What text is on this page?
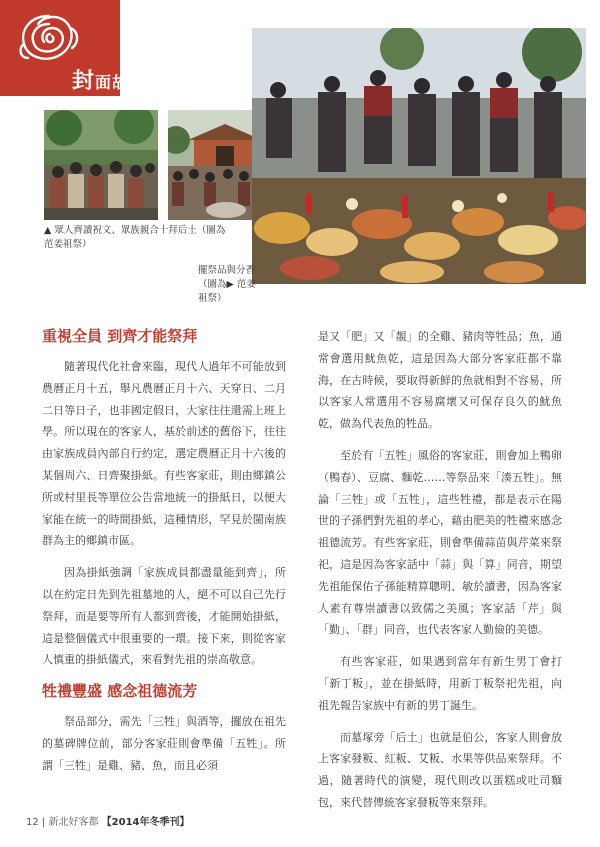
封面故事
▲ 眾人齊讀祝文、眾族親合十拜后土（圖為范姜祖祭）
擺祭品與分香（圖為▶ 范姜祖祭）
重視全員 到齊才能祭拜

隨著現代化社會來臨，現代人過年不可能放到農曆正月十五，舉凡農曆正月十六、天穿日、二月二日等日子，也非國定假日，大家往往還需上班上學。所以現在的客家人，基於前述的舊俗下，往往由家族成員內部自行約定，選定農曆正月十六後的某個周六、日齊聚掛紙。有些客家莊，則由鄉鎮公所或村里長等單位公告當地統一的掛紙日，以便大家能在統一的時間掛紙，這種情形，罕見於閩南族群為主的鄉鎮市區。

因為掛紙強調「家族成員都盡量能到齊」，所以在約定日先到先祖墓地的人，絕不可以自己先行祭拜，而是要等所有人都到齊後，才能開始掛紙，這是整個儀式中很重要的一環。接下來，則從客家人慎重的掛紙儀式，來看對先祖的崇高敬意。

牲禮豐盛 感念祖德流芳

祭品部分，需先「三牲」與酒等，擺放在祖先的墓碑牌位前，部分客家莊則會準備「五牲」。所謂「三牲」是雞、豬、魚，而且必須

是又「肥」又「靚」的全雞、豬肉等牲品；魚，通常會選用魷魚乾，這是因為大部分客家莊都不靠海，在古時候，要取得新鮮的魚就相對不容易，所以客家人常選用不容易腐壞又可保存良久的魷魚乾，做為代表魚的牲品。

至於有「五牲」風俗的客家莊，則會加上鴨卵（鴨春）、豆腐、麵乾……等祭品來「湊五牲」。無論「三牲」或「五牲」，這些牲禮，都是表示在陽世的子孫們對先祖的孝心，藉由肥美的牲禮來感念祖德流芳。有些客家莊，則會準備蒜苗與芹菜來祭祀，這是因為客家話中「蒜」與「算」同音，期望先祖能保佑子孫能精算聰明、敏於讀書，因為客家人素有尊崇讀書以致儒之美風；客家話「芹」與「勤」、「群」同音，也代表客家人勤儉的美德。

有些客家莊，如果遇到當年有新生男丁會打「新丁粄」，並在掛紙時，用新丁粄祭祀先祖，向祖先報告家族中有新的男丁誕生。

而墓塚旁「后土」也就是伯公，客家人則會放上客家發粄、紅粄、艾粄、水果等供品來祭拜。不過，隨著時代的演變，現代則改以蛋糕或吐司麵包，來代替傳統客家發粄等來祭拜。

12 | 新北好客都 【2014年冬季刊】
